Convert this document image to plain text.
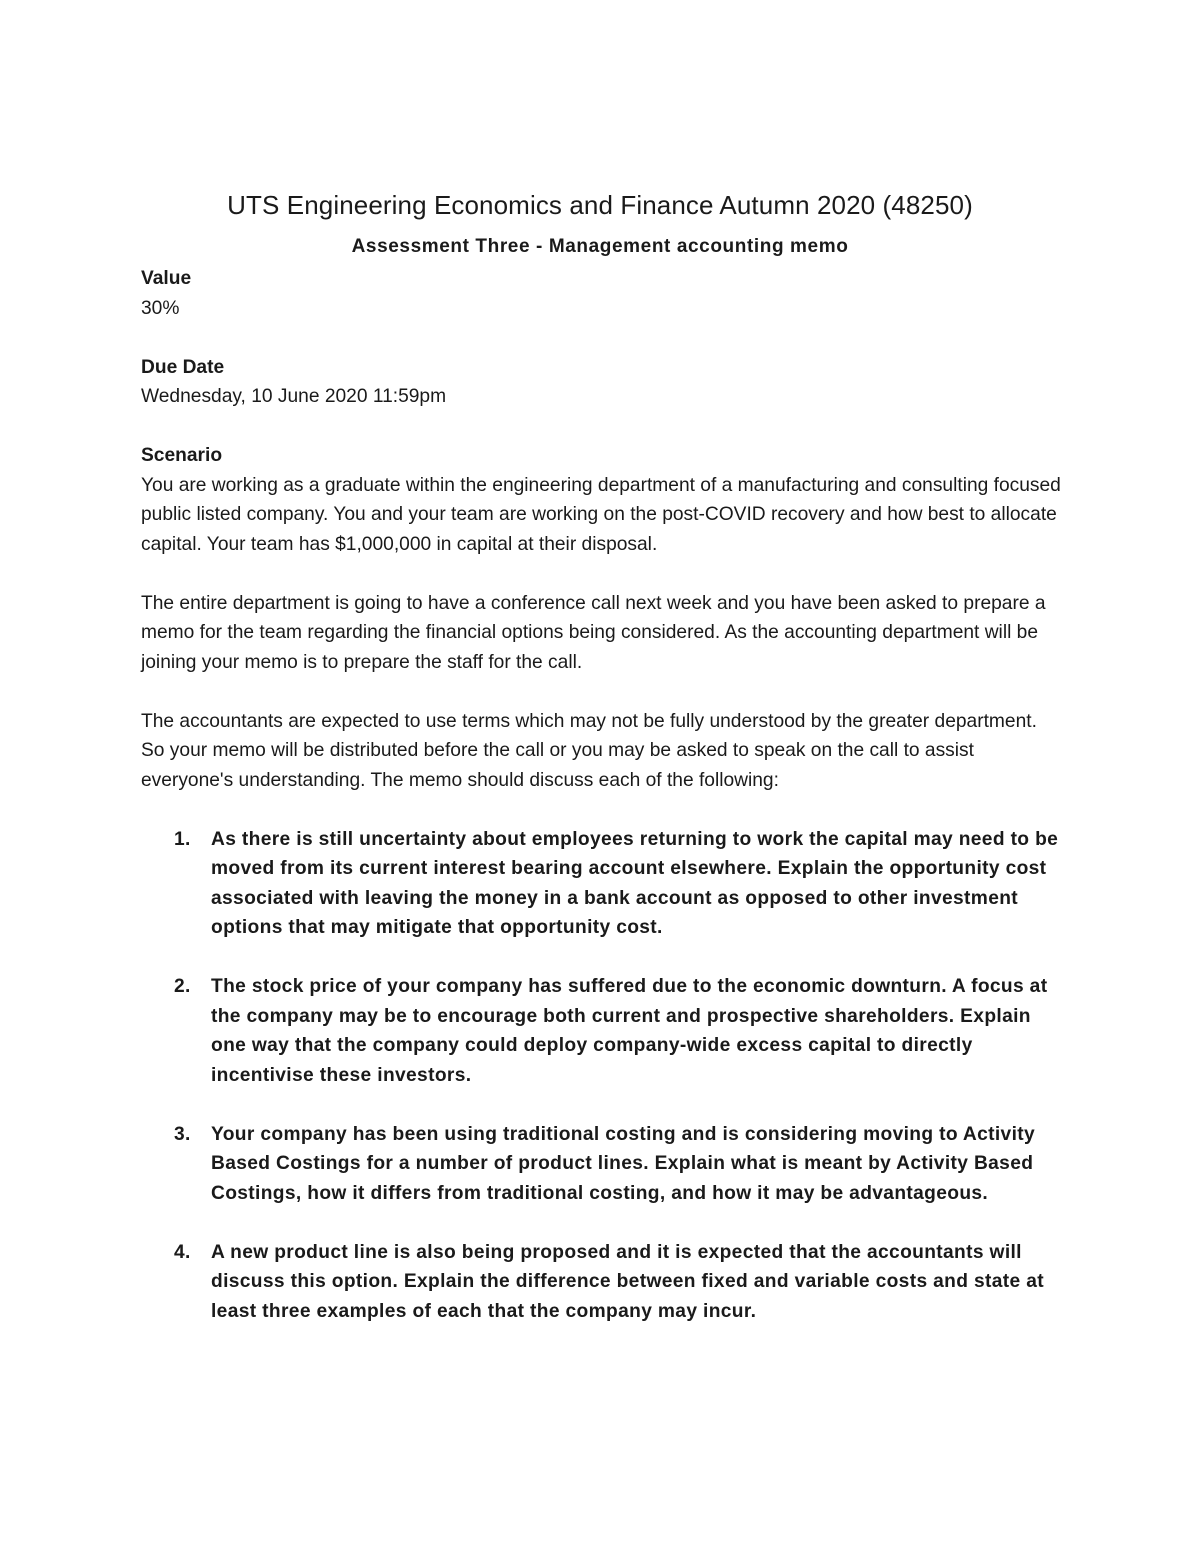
UTS Engineering Economics and Finance Autumn 2020 (48250)
Assessment Three - Management accounting memo

Value

30%

Due Date

Wednesday, 10 June 2020 11:59pm

Scenario

You are working as a graduate within the engineering department of a manufacturing and consulting focused public listed company. You and your team are working on the post-COVID recovery and how best to allocate capital. Your team has $1,000,000 in capital at their disposal.

The entire department is going to have a conference call next week and you have been asked to prepare a memo for the team regarding the financial options being considered. As the accounting department will be joining your memo is to prepare the staff for the call.

The accountants are expected to use terms which may not be fully understood by the greater department. So your memo will be distributed before the call or you may be asked to speak on the call to assist everyone's understanding. The memo should discuss each of the following:

1. As there is still uncertainty about employees returning to work the capital may need to be moved from its current interest bearing account elsewhere. Explain the opportunity cost associated with leaving the money in a bank account as opposed to other investment options that may mitigate that opportunity cost.
2. The stock price of your company has suffered due to the economic downturn. A focus at the company may be to encourage both current and prospective shareholders. Explain one way that the company could deploy company-wide excess capital to directly incentivise these investors.
3. Your company has been using traditional costing and is considering moving to Activity Based Costings for a number of product lines. Explain what is meant by Activity Based Costings, how it differs from traditional costing, and how it may be advantageous.
4. A new product line is also being proposed and it is expected that the accountants will discuss this option. Explain the difference between fixed and variable costs and state at least three examples of each that the company may incur.
